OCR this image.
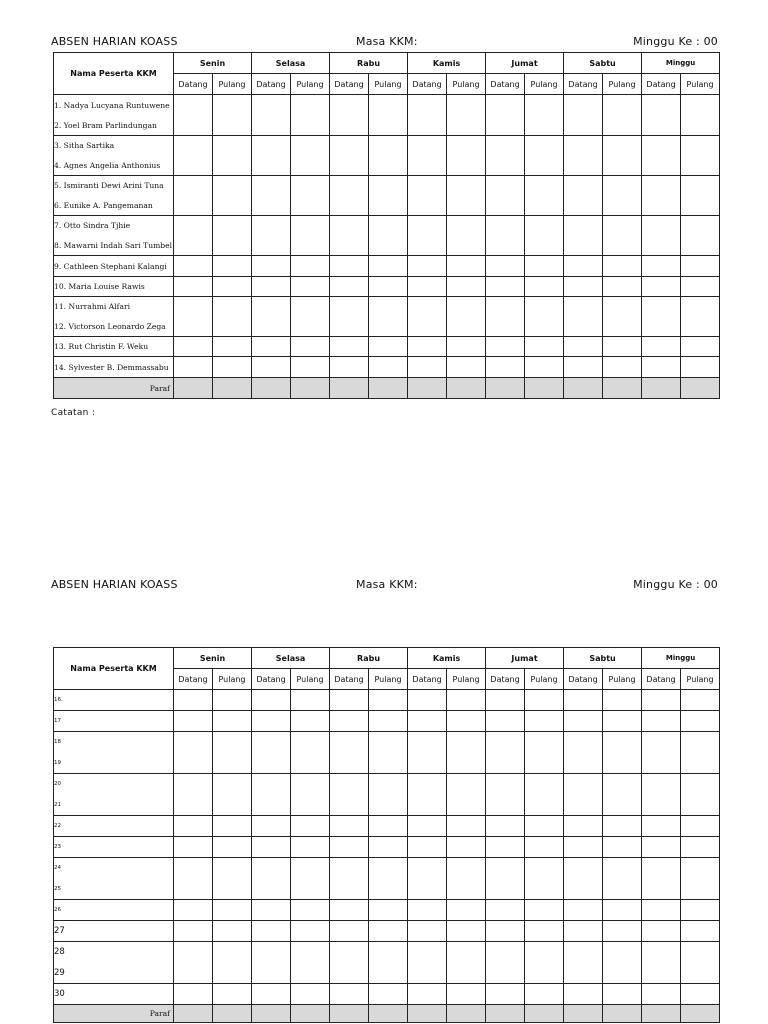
ABSEN HARIAN KOASS	Masa KKM:	Minggu Ke : 00
Nama Peserta KKM	Senin		Selasa		Rabu		Kamis		Jumat		Sabtu		Minggu	
	Datang	Pulang	Datang	Pulang	Datang	Pulang	Datang	Pulang	Datang	Pulang	Datang	Pulang	Datang	Pulang
1. Nadya Lucyana Runtuwene														
2. Yoel Bram Parlindungan														
3. Sitha Sartika														
4. Agnes Angelia Anthonius														
5. Ismiranti Dewi Arini Tuna														
6. Eunike A. Pangemanan														
7. Otto Sindra Tjhie														
8. Mawarni Indah Sari Tumbel														
9. Cathleen Stephani Kalangi														
10. Maria Louise Rawis														
11. Nurrahmi Alfari														
12. Victorson Leonardo Zega														
13. Rut Christin F. Weku														
14. Sylvester B. Demmassabu														
Paraf														
Catatan :
ABSEN HARIAN KOASS	Masa KKM:	Minggu Ke : 00
Nama Peserta KKM	Senin		Selasa		Rabu		Kamis		Jumat		Sabtu		Minggu	
	Datang	Pulang	Datang	Pulang	Datang	Pulang	Datang	Pulang	Datang	Pulang	Datang	Pulang	Datang	Pulang
16.														
17														
18														
19														
20														
21														
22														
23														
24														
25														
26														
27														
28														
29														
30														
Paraf														
